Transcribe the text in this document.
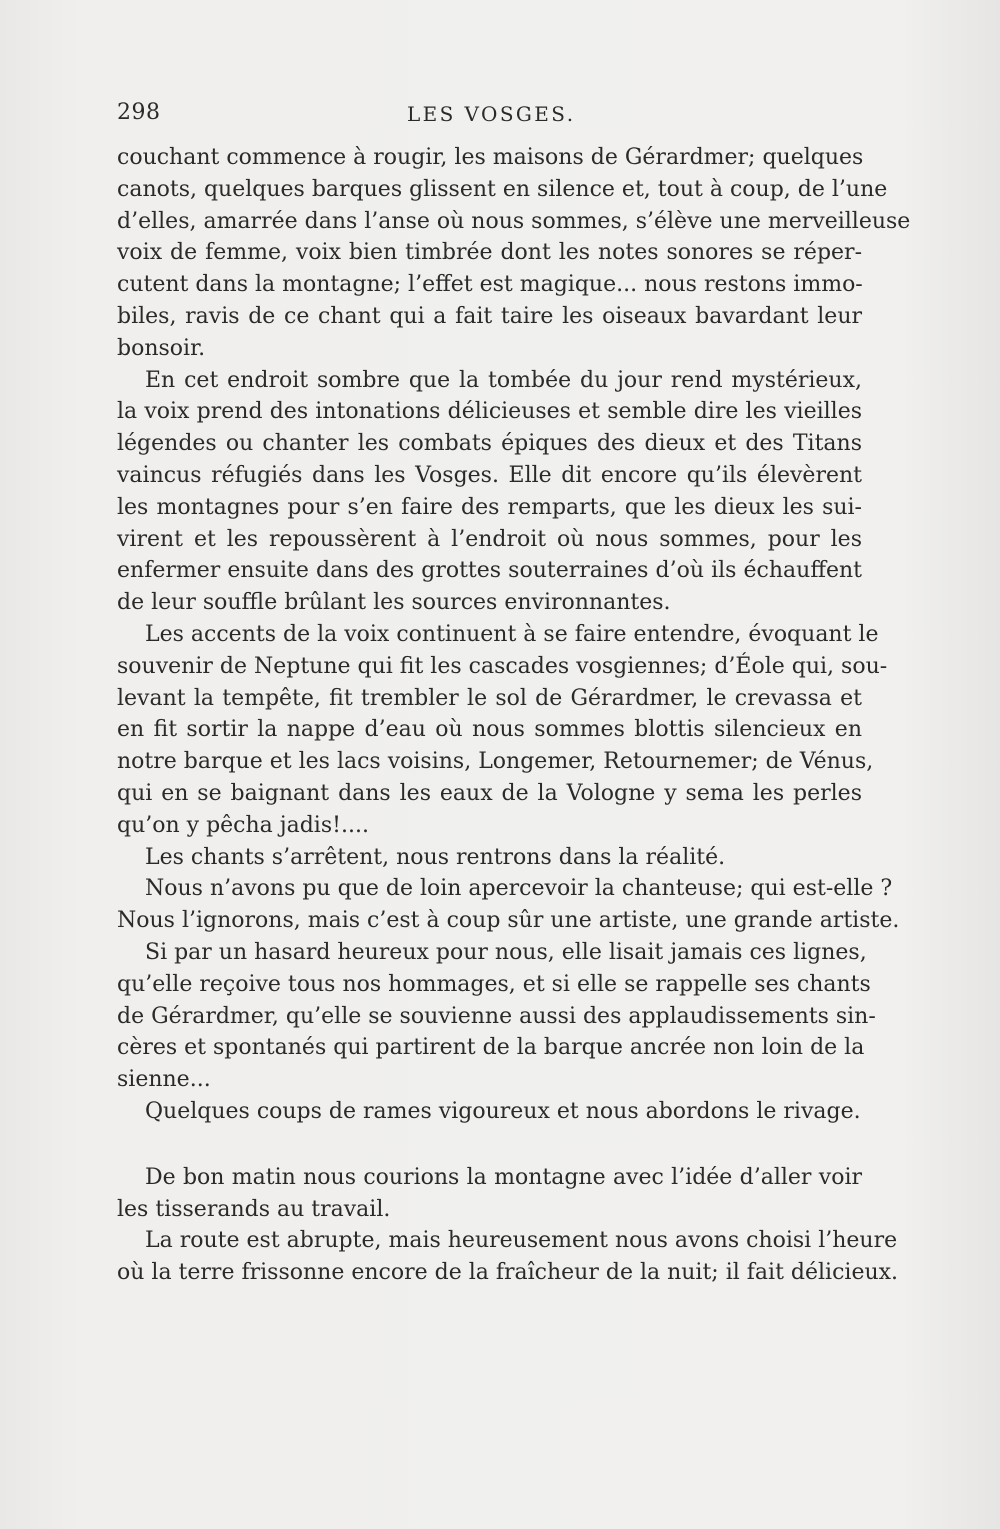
298	LES VOSGES.
couchant commence à rougir, les maisons de Gérardmer; quelques
canots, quelques barques glissent en silence et, tout à coup, de l’une
d’elles, amarrée dans l’anse où nous sommes, s’élève une merveilleuse
voix de femme, voix bien timbrée dont les notes sonores se réper-
cutent dans la montagne; l’effet est magique... nous restons immo-
biles, ravis de ce chant qui a fait taire les oiseaux bavardant leur
bonsoir.
En cet endroit sombre que la tombée du jour rend mystérieux,
la voix prend des intonations délicieuses et semble dire les vieilles
légendes ou chanter les combats épiques des dieux et des Titans
vaincus réfugiés dans les Vosges. Elle dit encore qu’ils élevèrent
les montagnes pour s’en faire des remparts, que les dieux les sui-
virent et les repoussèrent à l’endroit où nous sommes, pour les
enfermer ensuite dans des grottes souterraines d’où ils échauffent
de leur souffle brûlant les sources environnantes.
Les accents de la voix continuent à se faire entendre, évoquant le
souvenir de Neptune qui fit les cascades vosgiennes; d’Éole qui, sou-
levant la tempête, fit trembler le sol de Gérardmer, le crevassa et
en fit sortir la nappe d’eau où nous sommes blottis silencieux en
notre barque et les lacs voisins, Longemer, Retournemer; de Vénus,
qui en se baignant dans les eaux de la Vologne y sema les perles
qu’on y pêcha jadis!....
Les chants s’arrêtent, nous rentrons dans la réalité.
Nous n’avons pu que de loin apercevoir la chanteuse; qui est-elle ?
Nous l’ignorons, mais c’est à coup sûr une artiste, une grande artiste.
Si par un hasard heureux pour nous, elle lisait jamais ces lignes,
qu’elle reçoive tous nos hommages, et si elle se rappelle ses chants
de Gérardmer, qu’elle se souvienne aussi des applaudissements sin-
cères et spontanés qui partirent de la barque ancrée non loin de la
sienne...
Quelques coups de rames vigoureux et nous abordons le rivage.
De bon matin nous courions la montagne avec l’idée d’aller voir
les tisserands au travail.
La route est abrupte, mais heureusement nous avons choisi l’heure
où la terre frissonne encore de la fraîcheur de la nuit; il fait délicieux.
